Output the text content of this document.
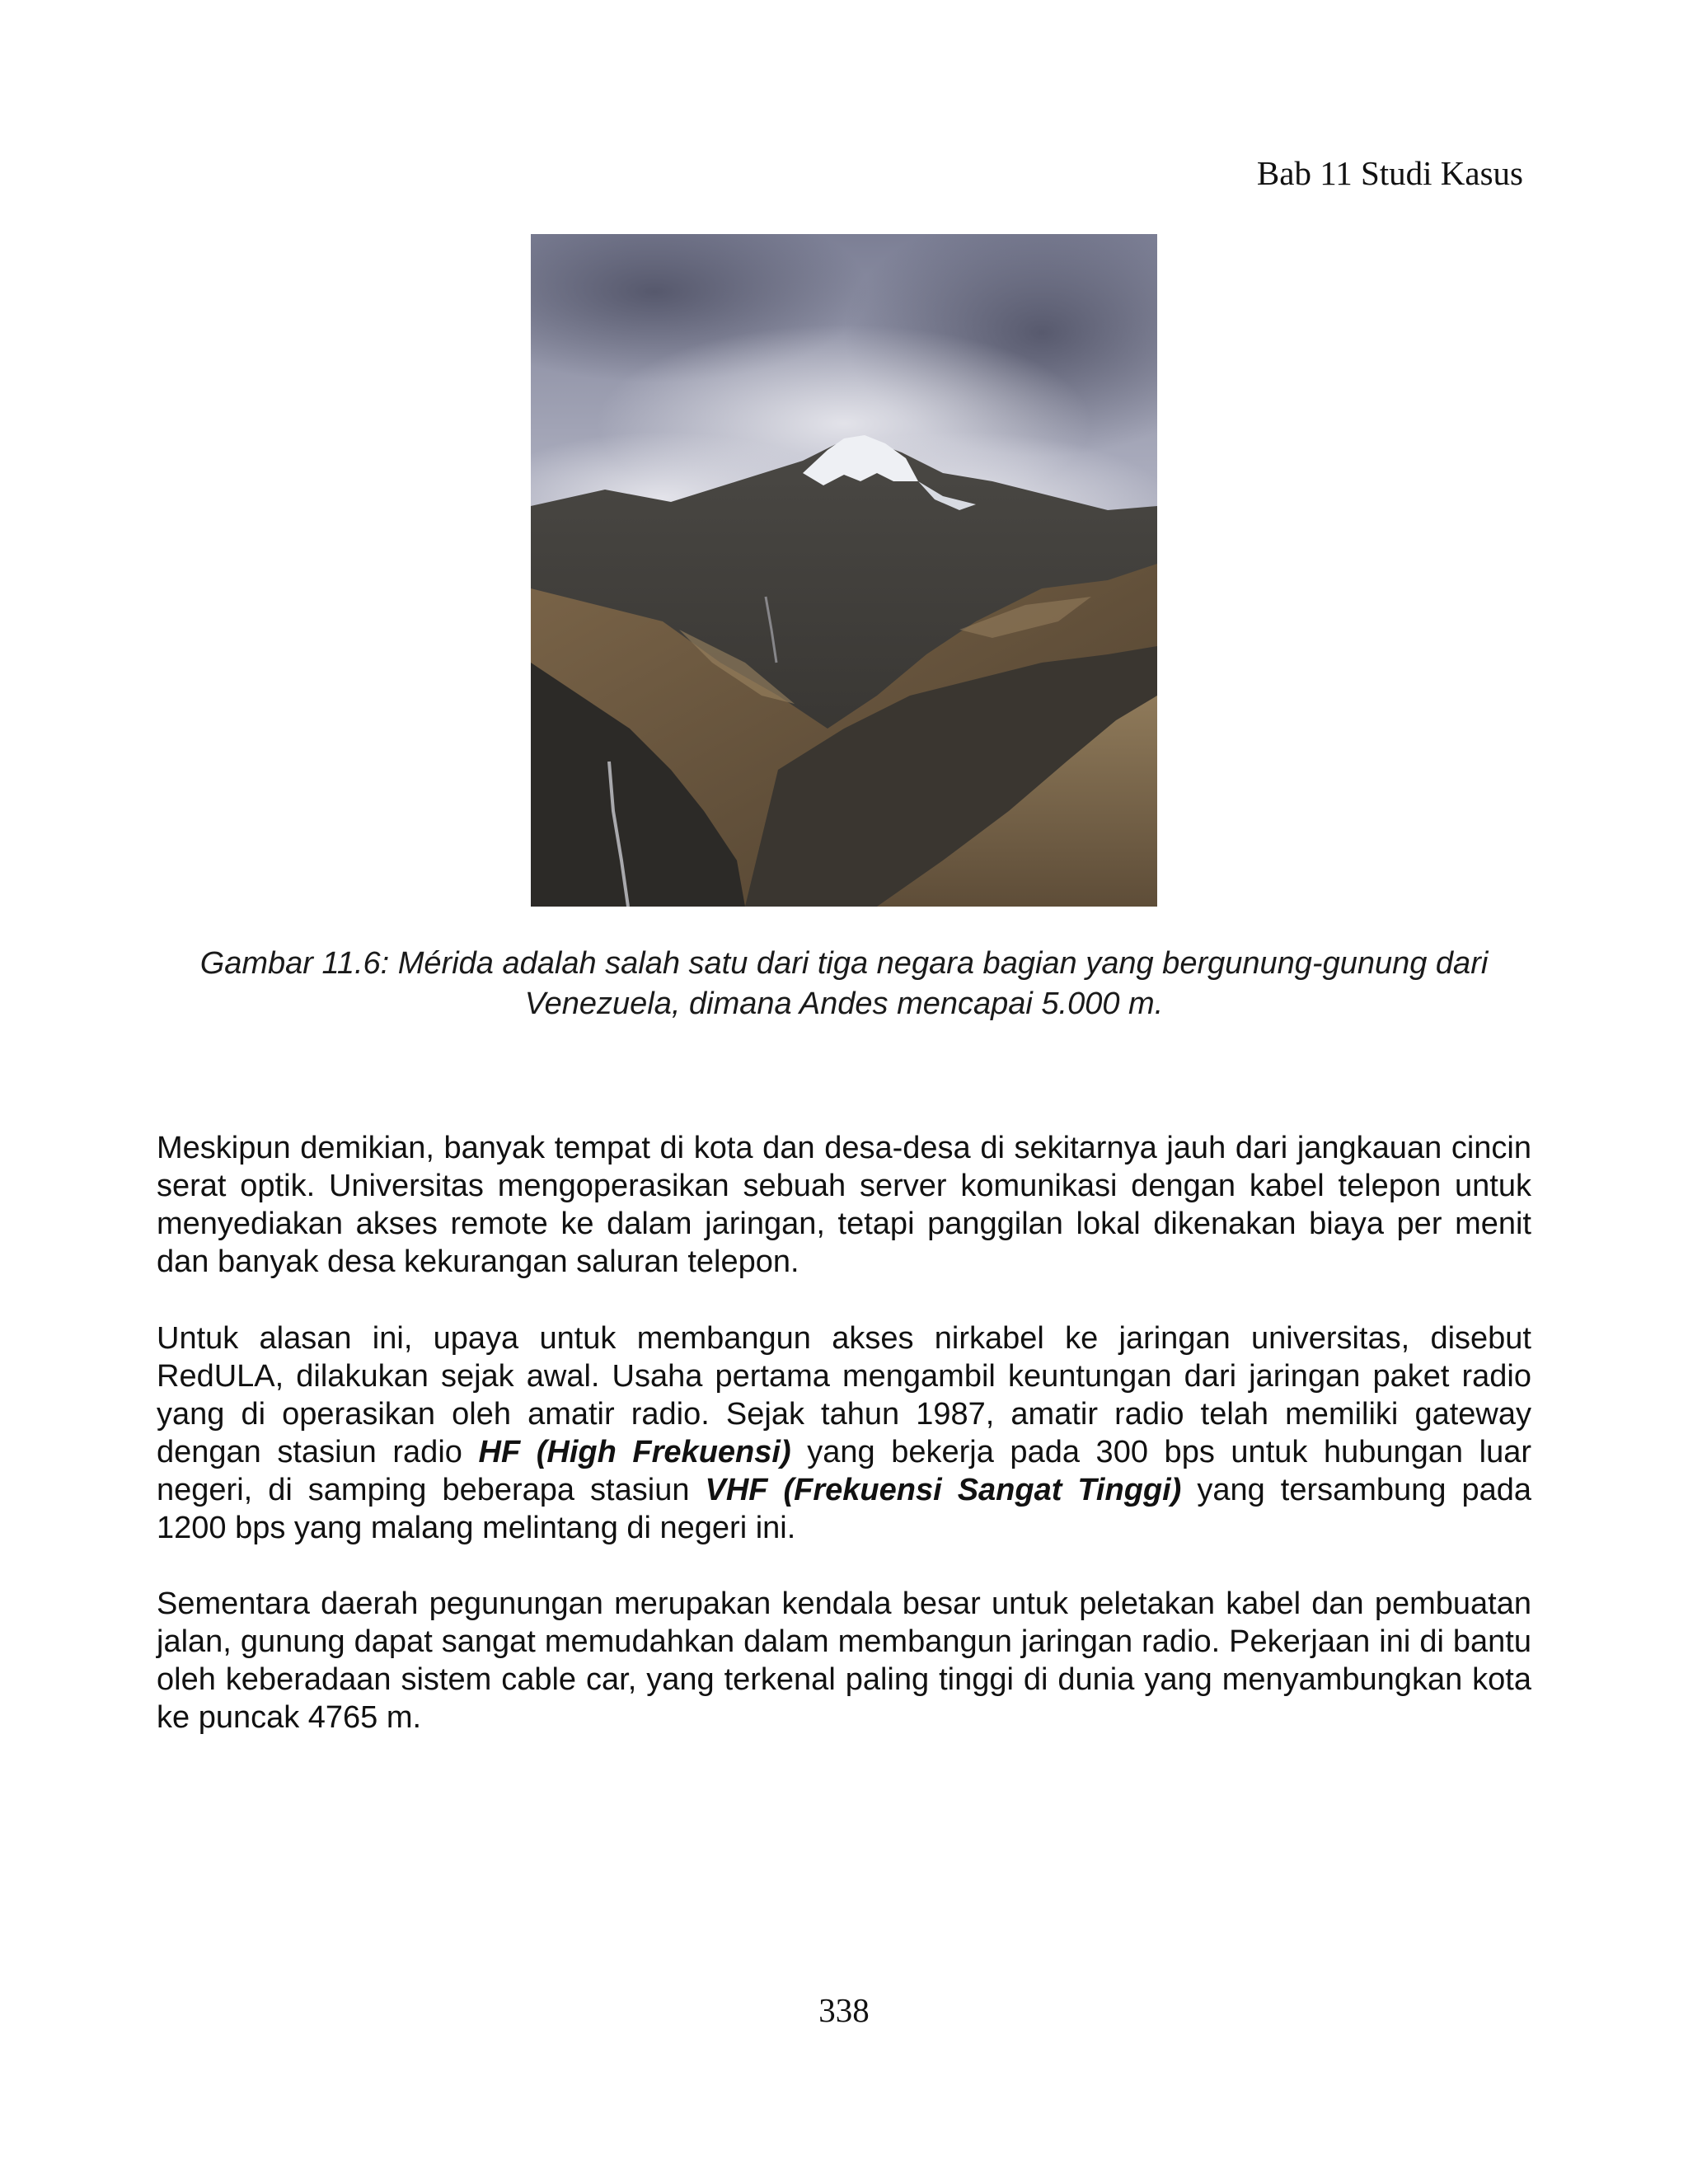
Bab 11 Studi Kasus
Gambar 11.6: Mérida adalah salah satu dari tiga negara bagian yang bergunung-gunung dari Venezuela, dimana Andes mencapai 5.000 m.

Meskipun demikian, banyak tempat di kota dan desa-desa di sekitarnya jauh dari jangkauan cincin serat optik. Universitas mengoperasikan sebuah server komunikasi dengan kabel telepon untuk menyediakan akses remote ke dalam jaringan, tetapi panggilan lokal dikenakan biaya per menit dan banyak desa kekurangan saluran telepon.

Untuk alasan ini, upaya untuk membangun akses nirkabel ke jaringan universitas, disebut RedULA, dilakukan sejak awal. Usaha pertama mengambil keuntungan dari jaringan paket radio yang di operasikan oleh amatir radio. Sejak tahun 1987, amatir radio telah memiliki gateway dengan stasiun radio HF (High Frekuensi) yang bekerja pada 300 bps untuk hubungan luar negeri, di samping beberapa stasiun VHF (Frekuensi Sangat Tinggi) yang tersambung pada 1200 bps yang malang melintang di negeri ini.

Sementara daerah pegunungan merupakan kendala besar untuk peletakan kabel dan pembuatan jalan, gunung dapat sangat memudahkan dalam membangun jaringan radio. Pekerjaan ini di bantu oleh keberadaan sistem cable car, yang terkenal paling tinggi di dunia yang menyambungkan kota ke puncak 4765 m.

338
